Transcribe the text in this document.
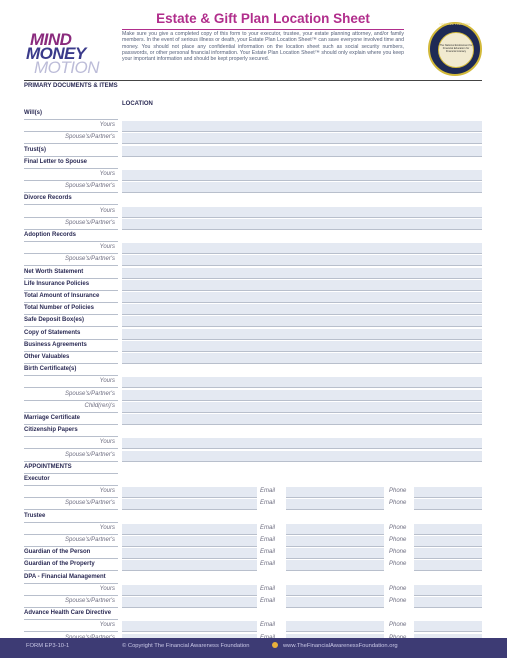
MIND
MONEY
MOTION
Estate & Gift Plan Location Sheet
Make sure you give a completed copy of this form to your executor, trustee, your estate planning attorney, and/or family members. In the event of serious illness or death, your Estate Plan Location Sheet™ can save everyone involved time and money. You should not place any confidential information on the location sheet such as social security numbers, passwords, or other personal financial information. Your Estate Plan Location Sheet™ should only explain where you keep your important information and should be kept properly secured.
NATIONAL FINANCIAL
The National Endowment for Financial Education for Financial Literacy
PRIMARY DOCUMENTS & ITEMS
LOCATION
Will(s)
Yours
Spouse's/Partner's
Trust(s)
Final Letter to Spouse
Yours
Spouse's/Partner's
Divorce Records
Yours
Spouse's/Partner's
Adoption Records
Yours
Spouse's/Partner's
Net Worth Statement
Life Insurance Policies
Total Amount of Insurance
Total Number of Policies
Safe Deposit Box(es)
Copy of Statements
Business Agreements
Other Valuables
Birth Certificate(s)
Yours
Spouse's/Partner's
Child(ren)'s
Marriage Certificate
Citizenship Papers
Yours
Spouse's/Partner's
APPOINTMENTS
Executor
Yours	Email	Phone
Spouse's/Partner's	Email	Phone
Trustee
Yours	Email	Phone
Spouse's/Partner's	Email	Phone
Guardian of the Person	Email	Phone
Guardian of the Property	Email	Phone
DPA - Financial Management
Yours	Email	Phone
Spouse's/Partner's	Email	Phone
Advance Health Care Directive
Yours	Email	Phone
FORM EP3-10-1	© Copyright The Financial Awareness Foundation	www.TheFinancialAwarenessFoundation.org
